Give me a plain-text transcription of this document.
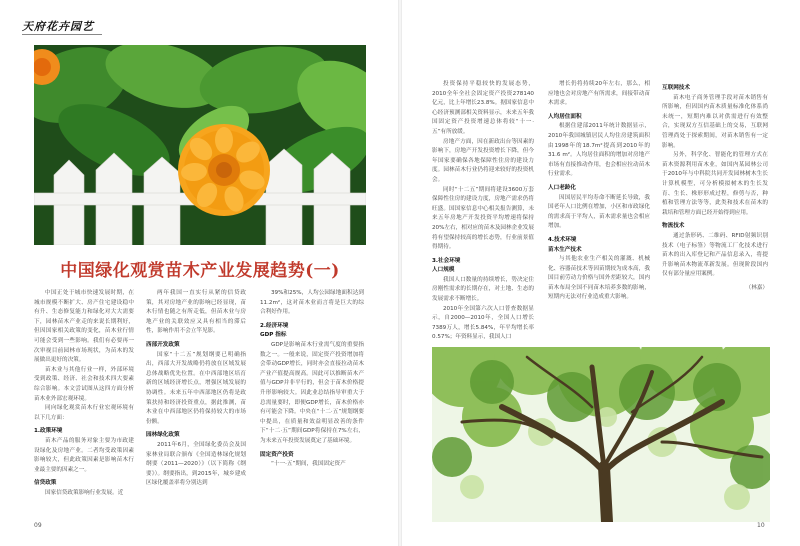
天府花卉园艺
中国绿化观赏苗木产业发展趋势(一)

中国正处于城市快速发展时期，在城市规模不断扩大、房产住宅建设稳中有升、生态修复能力和绿化对大大需要下，园林苗木产业走的来说长期利好，但因国家相关政策的变化，苗木业行情可能会受到一些影响。我们有必要再一次审视目前园林市场现状，为苗木的发展做出更好的决策。

苗木业与其他行业一样，外部环境受到政策、经济、社会和技术四大要素综合影响。本文尝试图从这四方面分析苗木业外部宏观环境。

同向绿化观赏苗木行业宏观环境有以下几方面：

1.政策环境

苗木产品的服务对象主要为市政建设绿化及房地产业。二者均受政策因素影响较大，但此政策因素是影响苗木行业最主要的因素之一。

信贷政策

国家信贷政策影响行业发展。近

两年我国一直实行从紧的信贷政策，其对房地产业的影响已经显现，苗木行情也随之有所走低，但苗木业与房地产业的关联效应又具有相当的滞后性，影响作用不会立竿见影。

西部开发政策

国家“十二五”规划纲要已明确指出，西部大开发战略仍将放在区域发展总体战略优先位置。在中西部地区培育新的区域经济增长点，增强区域发展的协调性。未来五年中西部地区仍将是政策扶持和经济投资重点，据此推测，苗木业在中西部地区仍将保持较大的市场份额。

园林绿化政策

2011年6月，全国绿化委员会及国家林业局联合颁布《全国造林绿化规划纲要（2011—2020）》（以下简称《纲要》）。纲要指出，到2015年，城乡建成区绿化覆盖率将分别达到

39%和25%，人均公园绿地面积达到11.2m²，这对苗木业而言将是巨大的综合利好作用。

2.经济环境

GDP 指标

GDP是影响苗木行业需气度的重要指数之一。一般来说，固定资产投资增加将会带动GDP增长，同时亦会直接拉动苗木产业产值提高规高。因此可以推断苗木产值与GDP并非平行的，但会于苗木价格提升形影响较大。因此业总结指导审重大于总需量要时，即便GDP增长，苗木价格亦有可能会下降。中央在“十二·五”规划纲要中提出，在质量和效益明显改善的条件下“十二·五”期间GDP将保持在7%左右，为未来五年投资发展奠定了基础环境。

固定资产投资

“十一·五”期间，我国固定资产

投资保持平稳较快的发展态势，2010全年全社会固定资产投资278140亿元，比上年增长23.8%。据国家信息中心经济预测部相关资料显示，未来五年我国固定资产投资增速总体将较“十一·五”有所放缓。

房地产方面，因在新政出台等因素的影响下，房地产开发投资增长下降，但今年国家要确保各地保障性住房的建设力度。园林苗木行业仍将迎来较好的投资机会。

同时“十二五”期间将建设3600万套保障性住房的建设力度，房地产需求仍将旺盛。国国家信息中心相关报告测算，未来五年房地产开发投资平均增速将保持20%左右，相对应的苗木及园林企业发展将有望保持较高的增长态势，行业前景值得期待。

3.社会环境

人口规模

我国人口数量的持续增长，势决定住房刚性需求的长期存在，对土地、生态的发展需求不断增长。

2010年全国第六次人口普查数据显示，自2000—2010年，全国人口增长7389万人，增长5.84%，年平均增长率0.57%；年资料显示，我国人口

增长仍将持续20年左右，那么，相应地也会对房地产有所需求，间接带动苗木需求。

人均居住面积

根据住建部2011年统计数据显示，2010年我国城镇居民人均住房建筑面积由1998年的18.7m²提高到2010年的31.6 m²。人均居住面积的增加对房地产市场有直接推动作用，也会相应拉动苗木行业需求。

人口老龄化

因国居民平均寿命不断延长导致，我国老年人口比例在增加，小区和市政绿化的需求高于平均人，苗木需求量也会相应增加。

4.技术环境

苗木生产技术

与其他农业生产相关的灌溉、机械化、容器苗技术等因苗期较为成本高，我国目前劳动力价格与国外差距较大，国内苗木布局全国不同苗木培养多数的影响，短期内无法对行业造成重大影响。

互联网技术

苗木电子商务管理手段对苗木销售有所影响，但因国内苗木质量标准化体系尚未统一，短期内难以对供需进行有效整合，实现双方互信基础上的交易，互联网管理尚处于探索期间，对苗木销售有一定影响。

另外，科学化、智能化的管理方式在苗木资源利用苗木业，如国内某园林公司于2010年与中科院共同开发园林树木生长计算机模型，可分析模拟树木的生长发育、生长、株形形成过程，修剪与否，种植和管理方法等等，此类和技术在苗木的栽培和管理方面已经开始得到应用。

物流技术

通过条形码、二维码、RFID射频识别技术（电子标签）等物流工厂化技术进行苗木的出入库登记和产品信息录入，将提升影响苗木物流革新发展。但现阶段国内仅有部分量应用案例。

（林嘉）

09	10
